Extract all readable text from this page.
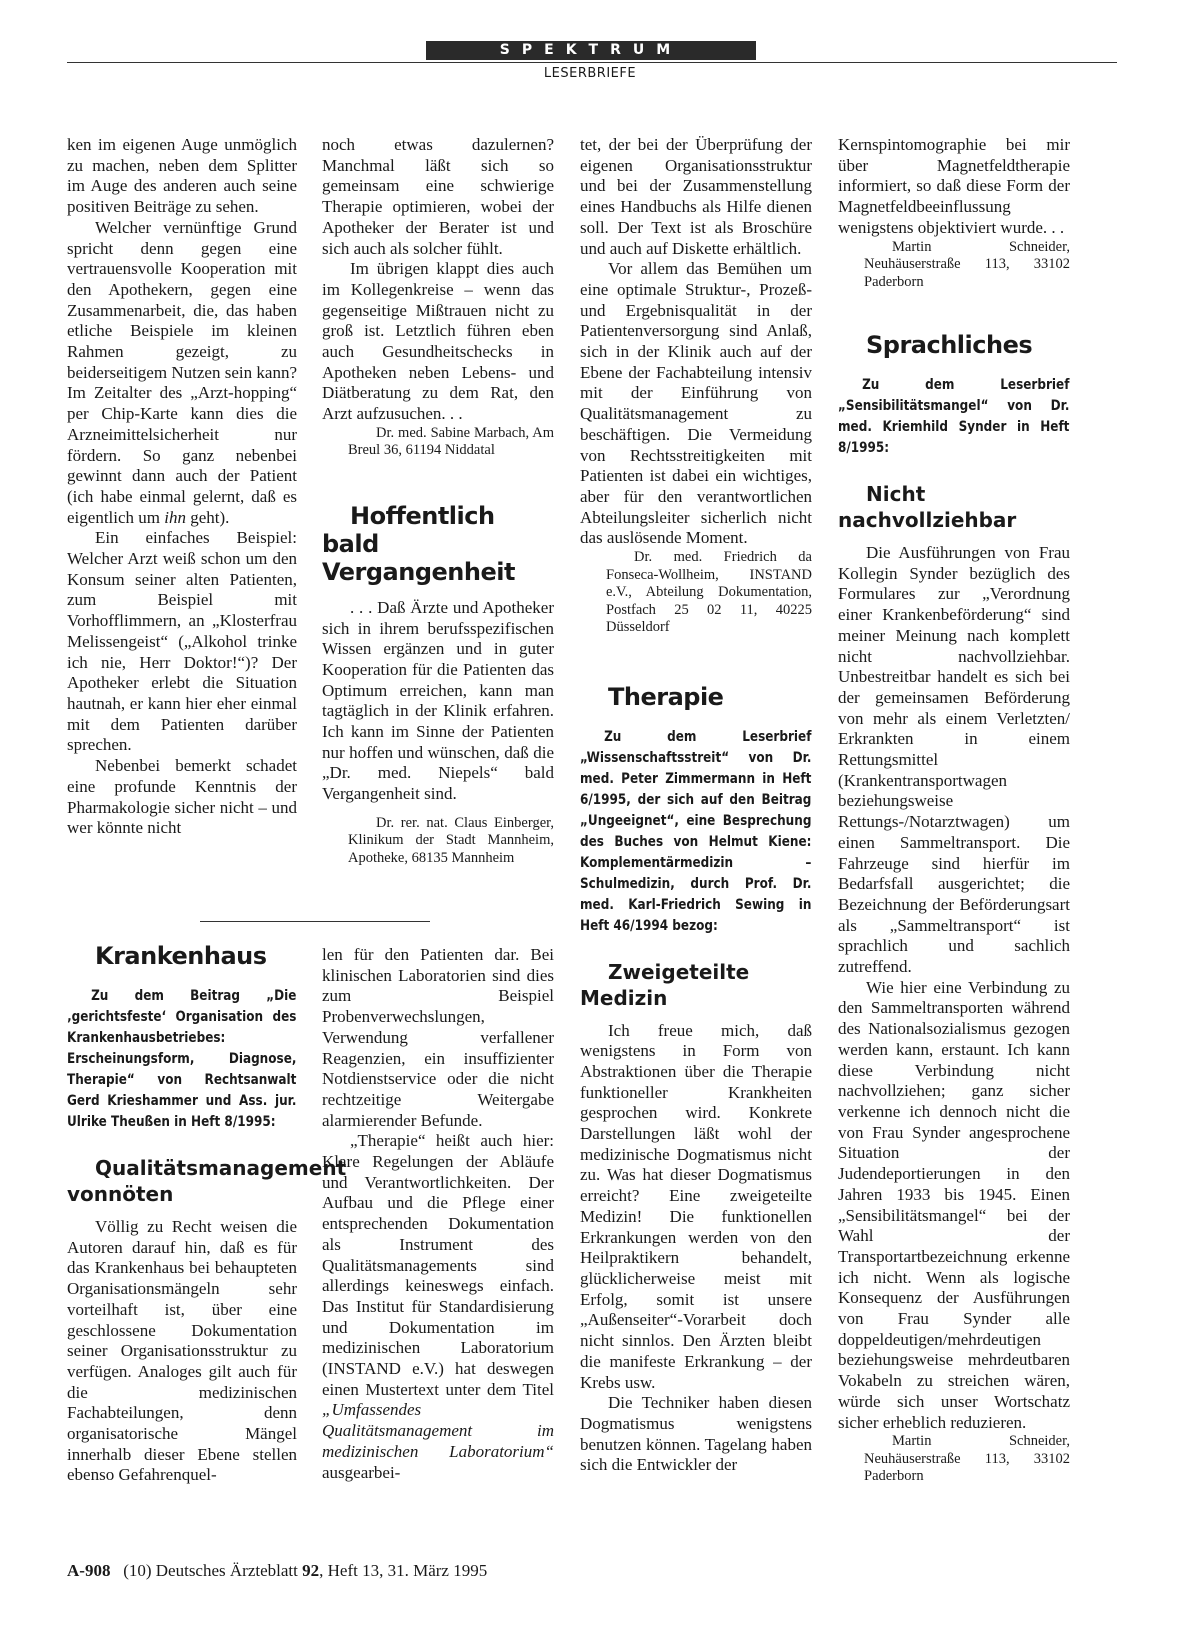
SPEKTRUM
LESERBRIEFE

ken im eigenen Auge unmöglich zu machen, neben dem Splitter im Auge des anderen auch seine positiven Beiträge zu sehen.

Welcher vernünftige Grund spricht denn gegen eine vertrauensvolle Kooperation mit den Apothekern, gegen eine Zusammenarbeit, die, das haben etliche Beispiele im kleinen Rahmen gezeigt, zu beiderseitigem Nutzen sein kann? Im Zeitalter des „Arzt-hopping“ per Chip-Karte kann dies die Arzneimittelsicherheit nur fördern. So ganz nebenbei gewinnt dann auch der Patient (ich habe einmal gelernt, daß es eigentlich um ihn geht).

Ein einfaches Beispiel: Welcher Arzt weiß schon um den Konsum seiner alten Patienten, zum Beispiel mit Vorhofflimmern, an „Klosterfrau Melissengeist“ („Alkohol trinke ich nie, Herr Doktor!“)? Der Apotheker erlebt die Situation hautnah, er kann hier eher einmal mit dem Patienten darüber sprechen.

Nebenbei bemerkt schadet eine profunde Kenntnis der Pharmakologie sicher nicht – und wer könnte nicht

noch etwas dazulernen? Manchmal läßt sich so gemeinsam eine schwierige Therapie optimieren, wobei der Apotheker der Berater ist und sich auch als solcher fühlt.

Im übrigen klappt dies auch im Kollegenkreise – wenn das gegenseitige Mißtrauen nicht zu groß ist. Letztlich führen eben auch Gesundheitschecks in Apotheken neben Lebens- und Diätberatung zu dem Rat, den Arzt aufzusuchen. . .

Dr. med. Sabine Marbach, Am Breul 36, 61194 Niddatal

Hoffentlich bald Vergangenheit

. . . Daß Ärzte und Apotheker sich in ihrem berufsspezifischen Wissen ergänzen und in guter Kooperation für die Patienten das Optimum erreichen, kann man tagtäglich in der Klinik erfahren. Ich kann im Sinne der Patienten nur hoffen und wünschen, daß die „Dr. med. Niepels“ bald Vergangenheit sind.

Dr. rer. nat. Claus Einberger, Klinikum der Stadt Mannheim, Apotheke, 68135 Mannheim

tet, der bei der Überprüfung der eigenen Organisationsstruktur und bei der Zusammenstellung eines Handbuchs als Hilfe dienen soll. Der Text ist als Broschüre und auch auf Diskette erhältlich.

Vor allem das Bemühen um eine optimale Struktur-, Prozeß- und Ergebnisqualität in der Patientenversorgung sind Anlaß, sich in der Klinik auch auf der Ebene der Fachabteilung intensiv mit der Einführung von Qualitätsmanagement zu beschäftigen. Die Vermeidung von Rechtsstreitigkeiten mit Patienten ist dabei ein wichtiges, aber für den verantwortlichen Abteilungsleiter sicherlich nicht das auslösende Moment.

Dr. med. Friedrich da Fonseca-Wollheim, INSTAND e.V., Abteilung Dokumentation, Postfach 25 02 11, 40225 Düsseldorf

Therapie

Zu dem Leserbrief „Wissenschaftsstreit“ von Dr. med. Peter Zimmermann in Heft 6/1995, der sich auf den Beitrag „Ungeeignet“, eine Besprechung des Buches von Helmut Kiene: Komplementärmedizin – Schulmedizin, durch Prof. Dr. med. Karl-Friedrich Sewing in Heft 46/1994 bezog:

Zweigeteilte Medizin

Ich freue mich, daß wenigstens in Form von Abstraktionen über die Therapie funktioneller Krankheiten gesprochen wird. Konkrete Darstellungen läßt wohl der medizinische Dogmatismus nicht zu. Was hat dieser Dogmatismus erreicht? Eine zweigeteilte Medizin! Die funktionellen Erkrankungen werden von den Heilpraktikern behandelt, glücklicherweise meist mit Erfolg, somit ist unsere „Außenseiter“-Vorarbeit doch nicht sinnlos. Den Ärzten bleibt die manifeste Erkrankung – der Krebs usw.

Die Techniker haben diesen Dogmatismus wenigstens benutzen können. Tagelang haben sich die Entwickler der

Kernspintomographie bei mir über Magnetfeldtherapie informiert, so daß diese Form der Magnetfeldbeeinflussung wenigstens objektiviert wurde. . .

Martin Schneider, Neuhäuserstraße 113, 33102 Paderborn

Sprachliches

Zu dem Leserbrief „Sensibilitätsmangel“ von Dr. med. Kriemhild Synder in Heft 8/1995:

Nicht nachvollziehbar

Die Ausführungen von Frau Kollegin Synder bezüglich des Formulares zur „Verordnung einer Krankenbeförderung“ sind meiner Meinung nach komplett nicht nachvollziehbar. Unbestreitbar handelt es sich bei der gemeinsamen Beförderung von mehr als einem Verletzten/ Erkrankten in einem Rettungsmittel (Krankentransportwagen beziehungsweise Rettungs-/Notarztwagen) um einen Sammeltransport. Die Fahrzeuge sind hierfür im Bedarfsfall ausgerichtet; die Bezeichnung der Beförderungsart als „Sammeltransport“ ist sprachlich und sachlich zutreffend.

Wie hier eine Verbindung zu den Sammeltransporten während des Nationalsozialismus gezogen werden kann, erstaunt. Ich kann diese Verbindung nicht nachvollziehen; ganz sicher verkenne ich dennoch nicht die von Frau Synder angesprochene Situation der Judendeportierungen in den Jahren 1933 bis 1945. Einen „Sensibilitätsmangel“ bei der Wahl der Transportartbezeichnung erkenne ich nicht. Wenn als logische Konsequenz der Ausführungen von Frau Synder alle doppeldeutigen/mehrdeutigen beziehungsweise mehrdeutbaren Vokabeln zu streichen wären, würde sich unser Wortschatz sicher erheblich reduzieren.

Martin Schneider, Neuhäuserstraße 113, 33102 Paderborn

Krankenhaus

Zu dem Beitrag „Die ‚gerichtsfeste‘ Organisation des Krankenhausbetriebes: Erscheinungsform, Diagnose, Therapie“ von Rechtsanwalt Gerd Krieshammer und Ass. jur. Ulrike Theußen in Heft 8/1995:

Qualitätsmanagement vonnöten

Völlig zu Recht weisen die Autoren darauf hin, daß es für das Krankenhaus bei behaupteten Organisationsmängeln sehr vorteilhaft ist, über eine geschlossene Dokumentation seiner Organisationsstruktur zu verfügen. Analoges gilt auch für die medizinischen Fachabteilungen, denn organisatorische Mängel innerhalb dieser Ebene stellen ebenso Gefahrenquel-

len für den Patienten dar. Bei klinischen Laboratorien sind dies zum Beispiel Probenverwechslungen, Verwendung verfallener Reagenzien, ein insuffizienter Notdienstservice oder die nicht rechtzeitige Weitergabe alarmierender Befunde.

„Therapie“ heißt auch hier: Klare Regelungen der Abläufe und Verantwortlichkeiten. Der Aufbau und die Pflege einer entsprechenden Dokumentation als Instrument des Qualitätsmanagements sind allerdings keineswegs einfach. Das Institut für Standardisierung und Dokumentation im medizinischen Laboratorium (INSTAND e.V.) hat deswegen einen Mustertext unter dem Titel „Umfassendes Qualitätsmanagement im medizinischen Laboratorium“ ausgearbei-

A-908 (10) Deutsches Ärzteblatt 92, Heft 13, 31. März 1995
